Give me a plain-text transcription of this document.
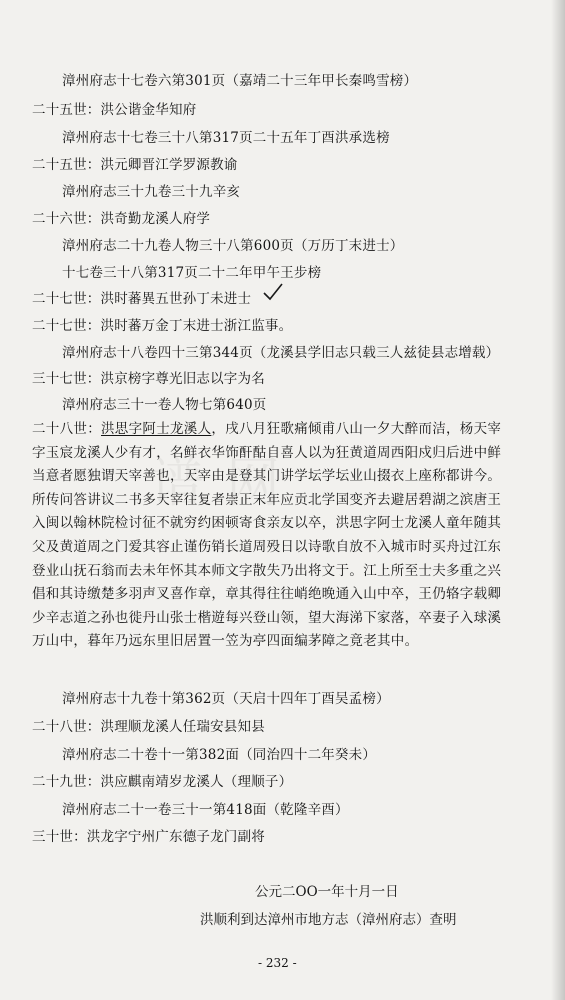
漳州府志十七卷六第301页（嘉靖二十三年甲长秦鸣雪榜）
二十五世：洪公谐金华知府
漳州府志十七卷三十八第317页二十五年丁酉洪承选榜
二十五世：洪元卿晋江学罗源教谕
漳州府志三十九卷三十九辛亥
二十六世：洪奇勤龙溪人府学
漳州府志二十九卷人物三十八第600页（万历丁末进士）
十七卷三十八第317页二十二年甲午王步榜
二十七世：洪时蕃異五世孙丁未进士
二十七世：洪时蕃万金丁末进士浙江监事。
漳州府志十八卷四十三第344页（龙溪县学旧志只载三人兹徒县志增载）
三十七世：洪京榜字尊光旧志以字为名
漳州府志三十一卷人物七第640页
二十八世：洪思字阿士龙溪人，戌八月狂歌痛倾甫八山一夕大醉而洁，杨天宰
字玉宸龙溪人少有才，名鲜衣华饰酐酤自喜人以为狂黄道周西阳戍归后进中鲜
当意者愿独谓天宰善也，天宰由是登其门讲学坛学坛业山掇衣上座称都讲今。
所传问答讲议二书多天宰往复者崇正末年应贡北学国变齐去避居碧湖之滨唐王
入闽以翰林院检讨征不就穷约困顿寄食亲友以卒，洪思字阿士龙溪人童年随其
父及黄道周之门爱其容止谨伤销长道周殁日以诗歌自放不入城市时买舟过江东
登业山抚石翁而去未年怀其本师文字散失乃出将文于。江上所至士夫多重之兴
倡和其诗缴楚多羽声叉喜作章，章其得往往峭绝晚通入山中卒，王仍辂字载卿
少辛志道之孙也徙丹山张士楷遊每兴登山领，望大海涕下家落，卒妻子入球溪
万山中，暮年乃远东里旧居置一笠为亭四面编茅障之竟老其中。
漳州府志十九卷十第362页（天启十四年丁酉吴孟榜）
二十八世：洪理顺龙溪人任瑞安县知县
漳州府志二十卷十一第382面（同治四十二年癸未）
二十九世：洪应麒南靖岁龙溪人（理顺子）
漳州府志二十一卷三十一第418面（乾隆辛酉）
三十世：洪龙字宁州广东德子龙门副将
公元二OO一年十月一日
洪顺利到达漳州市地方志（漳州府志）查明
- 232 -
